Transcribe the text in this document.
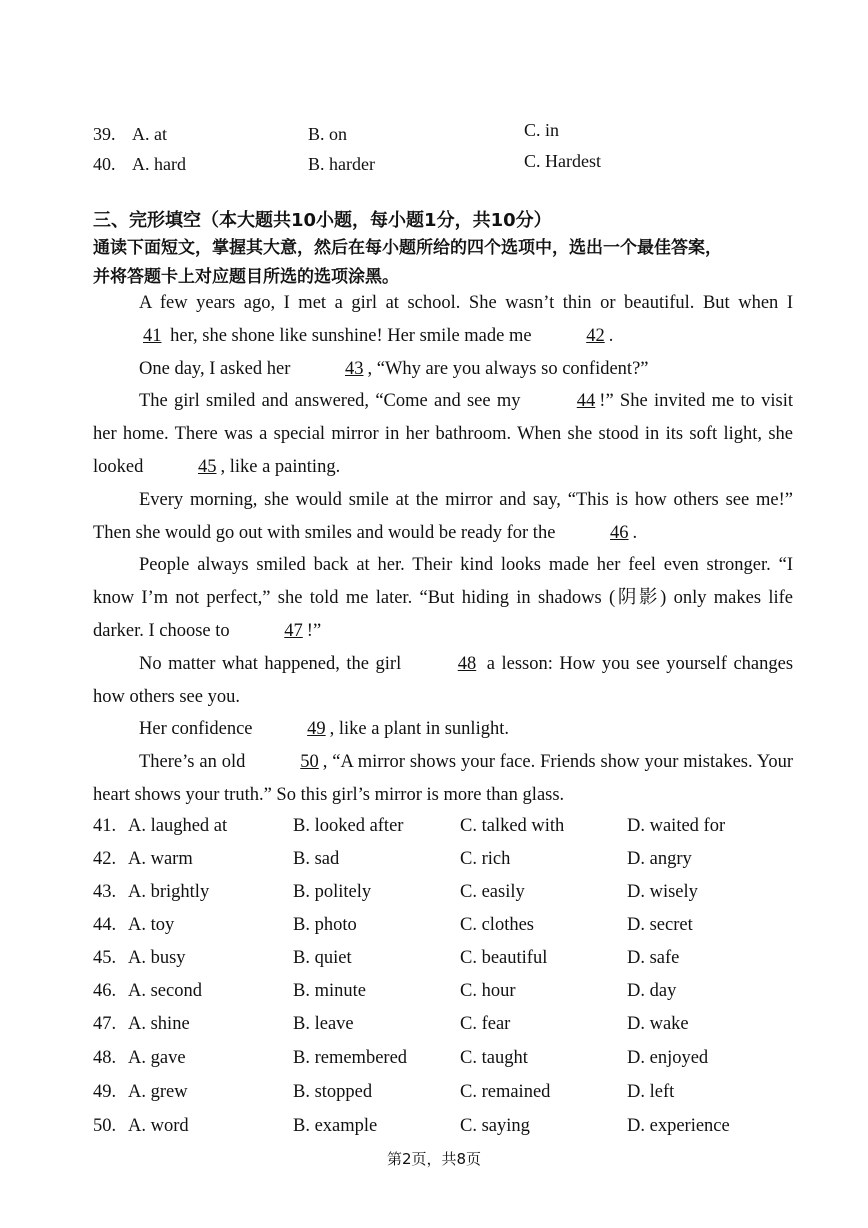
39. A. at	B. on	C. in
40. A. hard	B. harder	C. Hardest
三、完形填空（本大题共10小题，每小题1分，共10分）
通读下面短文，掌握其大意，然后在每小题所给的四个选项中，选出一个最佳答案，
并将答题卡上对应题目所选的选项涂黑。

A few years ago, I met a girl at school. She wasn’t thin or beautiful. But when I 41 her, she shone like sunshine! Her smile made me	42 .

One day, I asked her	43 , “Why are you always so confident?”

The girl smiled and answered, “Come and see my	44 !” She invited me to visit her home. There was a special mirror in her bathroom. When she stood in its soft light, she looked	45 , like a painting.

Every morning, she would smile at the mirror and say, “This is how others see me!” Then she would go out with smiles and would be ready for the	46 .

People always smiled back at her. Their kind looks made her feel even stronger. “I know I’m not perfect,” she told me later. “But hiding in shadows (阴影) only makes life darker. I choose to	47 !”

No matter what happened, the girl	48 a lesson: How you see yourself changes how others see you.

Her confidence	49 , like a plant in sunlight.

There’s an old	50 , “A mirror shows your face. Friends show your mistakes. Your heart shows your truth.” So this girl’s mirror is more than glass.

41. A. laughed at	B. looked after	C. talked with	D. waited for
42. A. warm	B. sad	C. rich	D. angry
43. A. brightly	B. politely	C. easily	D. wisely
44. A. toy	B. photo	C. clothes	D. secret
45. A. busy	B. quiet	C. beautiful	D. safe
46. A. second	B. minute	C. hour	D. day
47. A. shine	B. leave	C. fear	D. wake
48. A. gave	B. remembered	C. taught	D. enjoyed
49. A. grew	B. stopped	C. remained	D. left
50. A. word	B. example	C. saying	D. experience
第2页，共8页
